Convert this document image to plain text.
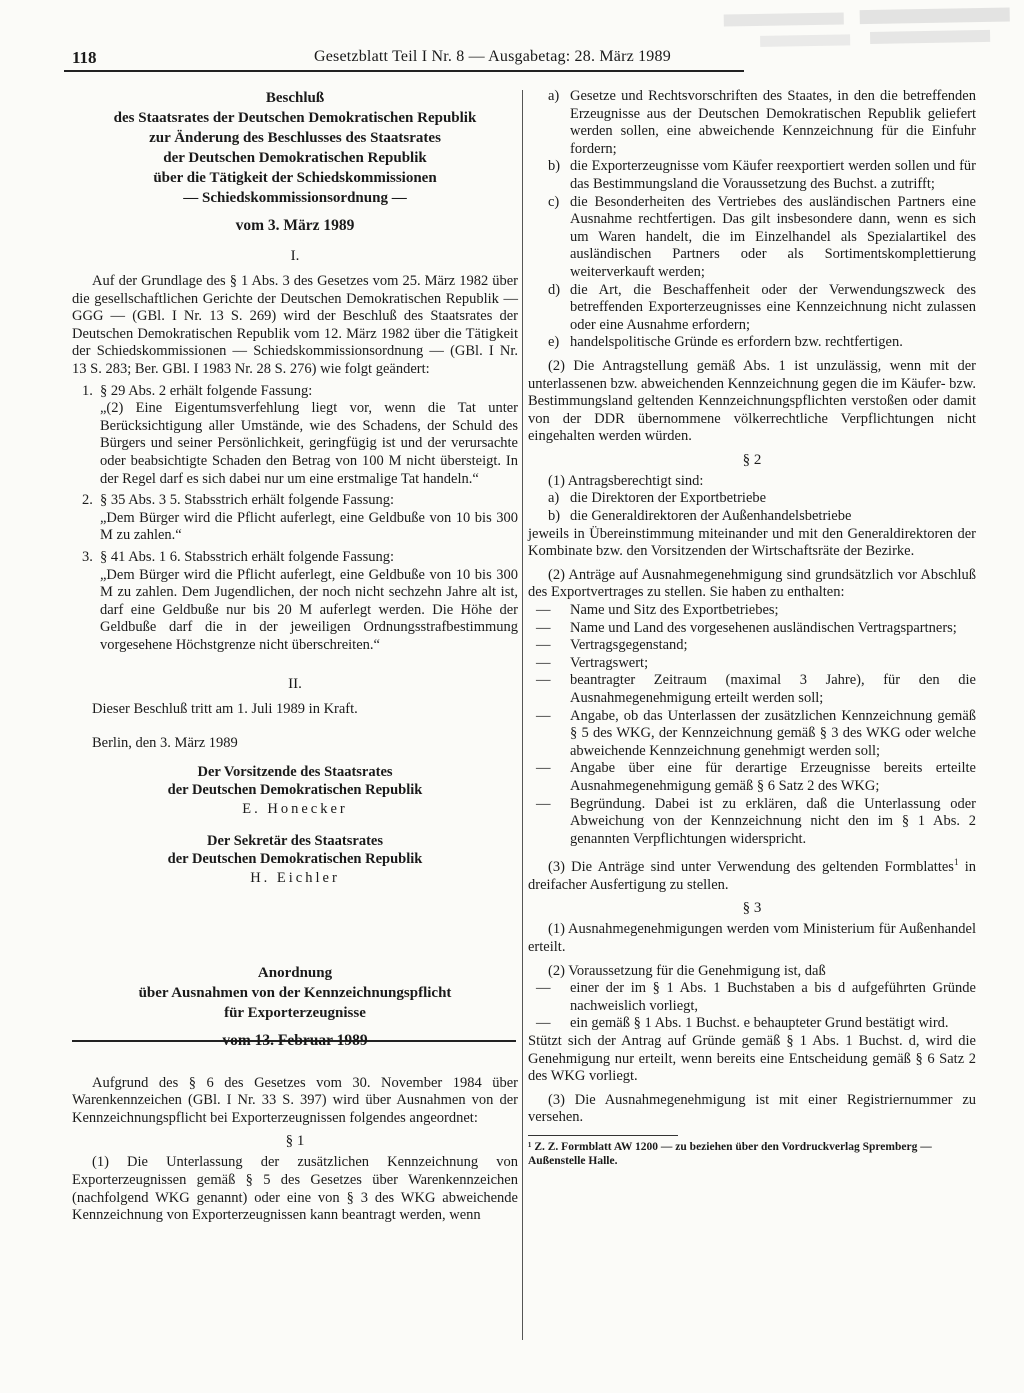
118	Gesetzblatt Teil I Nr. 8 — Ausgabetag: 28. März 1989
Beschluß
des Staatsrates der Deutschen Demokratischen Republik
zur Änderung des Beschlusses des Staatsrates
der Deutschen Demokratischen Republik
über die Tätigkeit der Schiedskommissionen
— Schiedskommissionsordnung —
vom 3. März 1989
I.

Auf der Grundlage des § 1 Abs. 3 des Gesetzes vom 25. März 1982 über die gesellschaftlichen Gerichte der Deutschen Demokratischen Republik — GGG — (GBl. I Nr. 13 S. 269) wird der Beschluß des Staatsrates der Deutschen Demokratischen Republik vom 12. März 1982 über die Tätigkeit der Schiedskommissionen — Schiedskommissionsordnung — (GBl. I Nr. 13 S. 283; Ber. GBl. I 1983 Nr. 28 S. 276) wie folgt geändert:

1. § 29 Abs. 2 erhält folgende Fassung:

„(2) Eine Eigentumsverfehlung liegt vor, wenn die Tat unter Berücksichtigung aller Umstände, wie des Schadens, der Schuld des Bürgers und seiner Persönlichkeit, geringfügig ist und der verursachte oder beabsichtigte Schaden den Betrag von 100 M nicht übersteigt. In der Regel darf es sich dabei nur um eine erstmalige Tat handeln.“

2. § 35 Abs. 3 5. Stabsstrich erhält folgende Fassung:

„Dem Bürger wird die Pflicht auferlegt, eine Geldbuße von 10 bis 300 M zu zahlen.“

3. § 41 Abs. 1 6. Stabsstrich erhält folgende Fassung:

„Dem Bürger wird die Pflicht auferlegt, eine Geldbuße von 10 bis 300 M zu zahlen. Dem Jugendlichen, der noch nicht sechzehn Jahre alt ist, darf eine Geldbuße nur bis 20 M auferlegt werden. Die Höhe der Geldbuße darf die in der jeweiligen Ordnungsstrafbestimmung vorgesehene Höchstgrenze nicht überschreiten.“

II.

Dieser Beschluß tritt am 1. Juli 1989 in Kraft.

Berlin, den 3. März 1989

Der Vorsitzende des Staatsrates
der Deutschen Demokratischen Republik
E. Honecker
Der Sekretär des Staatsrates
der Deutschen Demokratischen Republik
H. Eichler
Anordnung
über Ausnahmen von der Kennzeichnungspflicht
für Exporterzeugnisse
vom 13. Februar 1989

Aufgrund des § 6 des Gesetzes vom 30. November 1984 über Warenkennzeichen (GBl. I Nr. 33 S. 397) wird über Ausnahmen von der Kennzeichnungspflicht bei Exporterzeugnissen folgendes angeordnet:

§ 1

(1) Die Unterlassung der zusätzlichen Kennzeichnung von Exporterzeugnissen gemäß § 5 des Gesetzes über Warenkennzeichen (nachfolgend WKG genannt) oder eine von § 3 des WKG abweichende Kennzeichnung von Exporterzeugnissen kann beantragt werden, wenn

a) Gesetze und Rechtsvorschriften des Staates, in den die betreffenden Erzeugnisse aus der Deutschen Demokratischen Republik geliefert werden sollen, eine abweichende Kennzeichnung für die Einfuhr fordern;
b) die Exporterzeugnisse vom Käufer reexportiert werden sollen und für das Bestimmungsland die Voraussetzung des Buchst. a zutrifft;
c) die Besonderheiten des Vertriebes des ausländischen Partners eine Ausnahme rechtfertigen. Das gilt insbesondere dann, wenn es sich um Waren handelt, die im Einzelhandel als Spezialartikel des ausländischen Partners oder als Sortimentskomplettierung weiterverkauft werden;
d) die Art, die Beschaffenheit oder der Verwendungszweck des betreffenden Exporterzeugnisses eine Kennzeichnung nicht zulassen oder eine Ausnahme erfordern;
e) handelspolitische Gründe es erfordern bzw. rechtfertigen.

(2) Die Antragstellung gemäß Abs. 1 ist unzulässig, wenn mit der unterlassenen bzw. abweichenden Kennzeichnung gegen die im Käufer- bzw. Bestimmungsland geltenden Kennzeichnungspflichten verstoßen oder damit von der DDR übernommene völkerrechtliche Verpflichtungen nicht eingehalten werden würden.

§ 2

(1) Antragsberechtigt sind:

a) die Direktoren der Exportbetriebe
b) die Generaldirektoren der Außenhandelsbetriebe

jeweils in Übereinstimmung miteinander und mit den Generaldirektoren der Kombinate bzw. den Vorsitzenden der Wirtschaftsräte der Bezirke.

(2) Anträge auf Ausnahmegenehmigung sind grundsätzlich vor Abschluß des Exportvertrages zu stellen. Sie haben zu enthalten:

— Name und Sitz des Exportbetriebes;
— Name und Land des vorgesehenen ausländischen Vertragspartners;
— Vertragsgegenstand;
— Vertragswert;
— beantragter Zeitraum (maximal 3 Jahre), für den die Ausnahmegenehmigung erteilt werden soll;
— Angabe, ob das Unterlassen der zusätzlichen Kennzeichnung gemäß § 5 des WKG, der Kennzeichnung gemäß § 3 des WKG oder welche abweichende Kennzeichnung genehmigt werden soll;
— Angabe über eine für derartige Erzeugnisse bereits erteilte Ausnahmegenehmigung gemäß § 6 Satz 2 des WKG;
— Begründung. Dabei ist zu erklären, daß die Unterlassung oder Abweichung von der Kennzeichnung nicht den im § 1 Abs. 2 genannten Verpflichtungen widerspricht.

(3) Die Anträge sind unter Verwendung des geltenden Formblattes$^1$ in dreifacher Ausfertigung zu stellen.

§ 3

(1) Ausnahmegenehmigungen werden vom Ministerium für Außenhandel erteilt.

(2) Voraussetzung für die Genehmigung ist, daß

— einer der im § 1 Abs. 1 Buchstaben a bis d aufgeführten Gründe nachweislich vorliegt,
— ein gemäß § 1 Abs. 1 Buchst. e behaupteter Grund bestätigt wird.

Stützt sich der Antrag auf Gründe gemäß § 1 Abs. 1 Buchst. d, wird die Genehmigung nur erteilt, wenn bereits eine Entscheidung gemäß § 6 Satz 2 des WKG vorliegt.

(3) Die Ausnahmegenehmigung ist mit einer Registriernummer zu versehen.

¹ Z. Z. Formblatt AW 1200 — zu beziehen über den Vordruckverlag Spremberg — Außenstelle Halle.
